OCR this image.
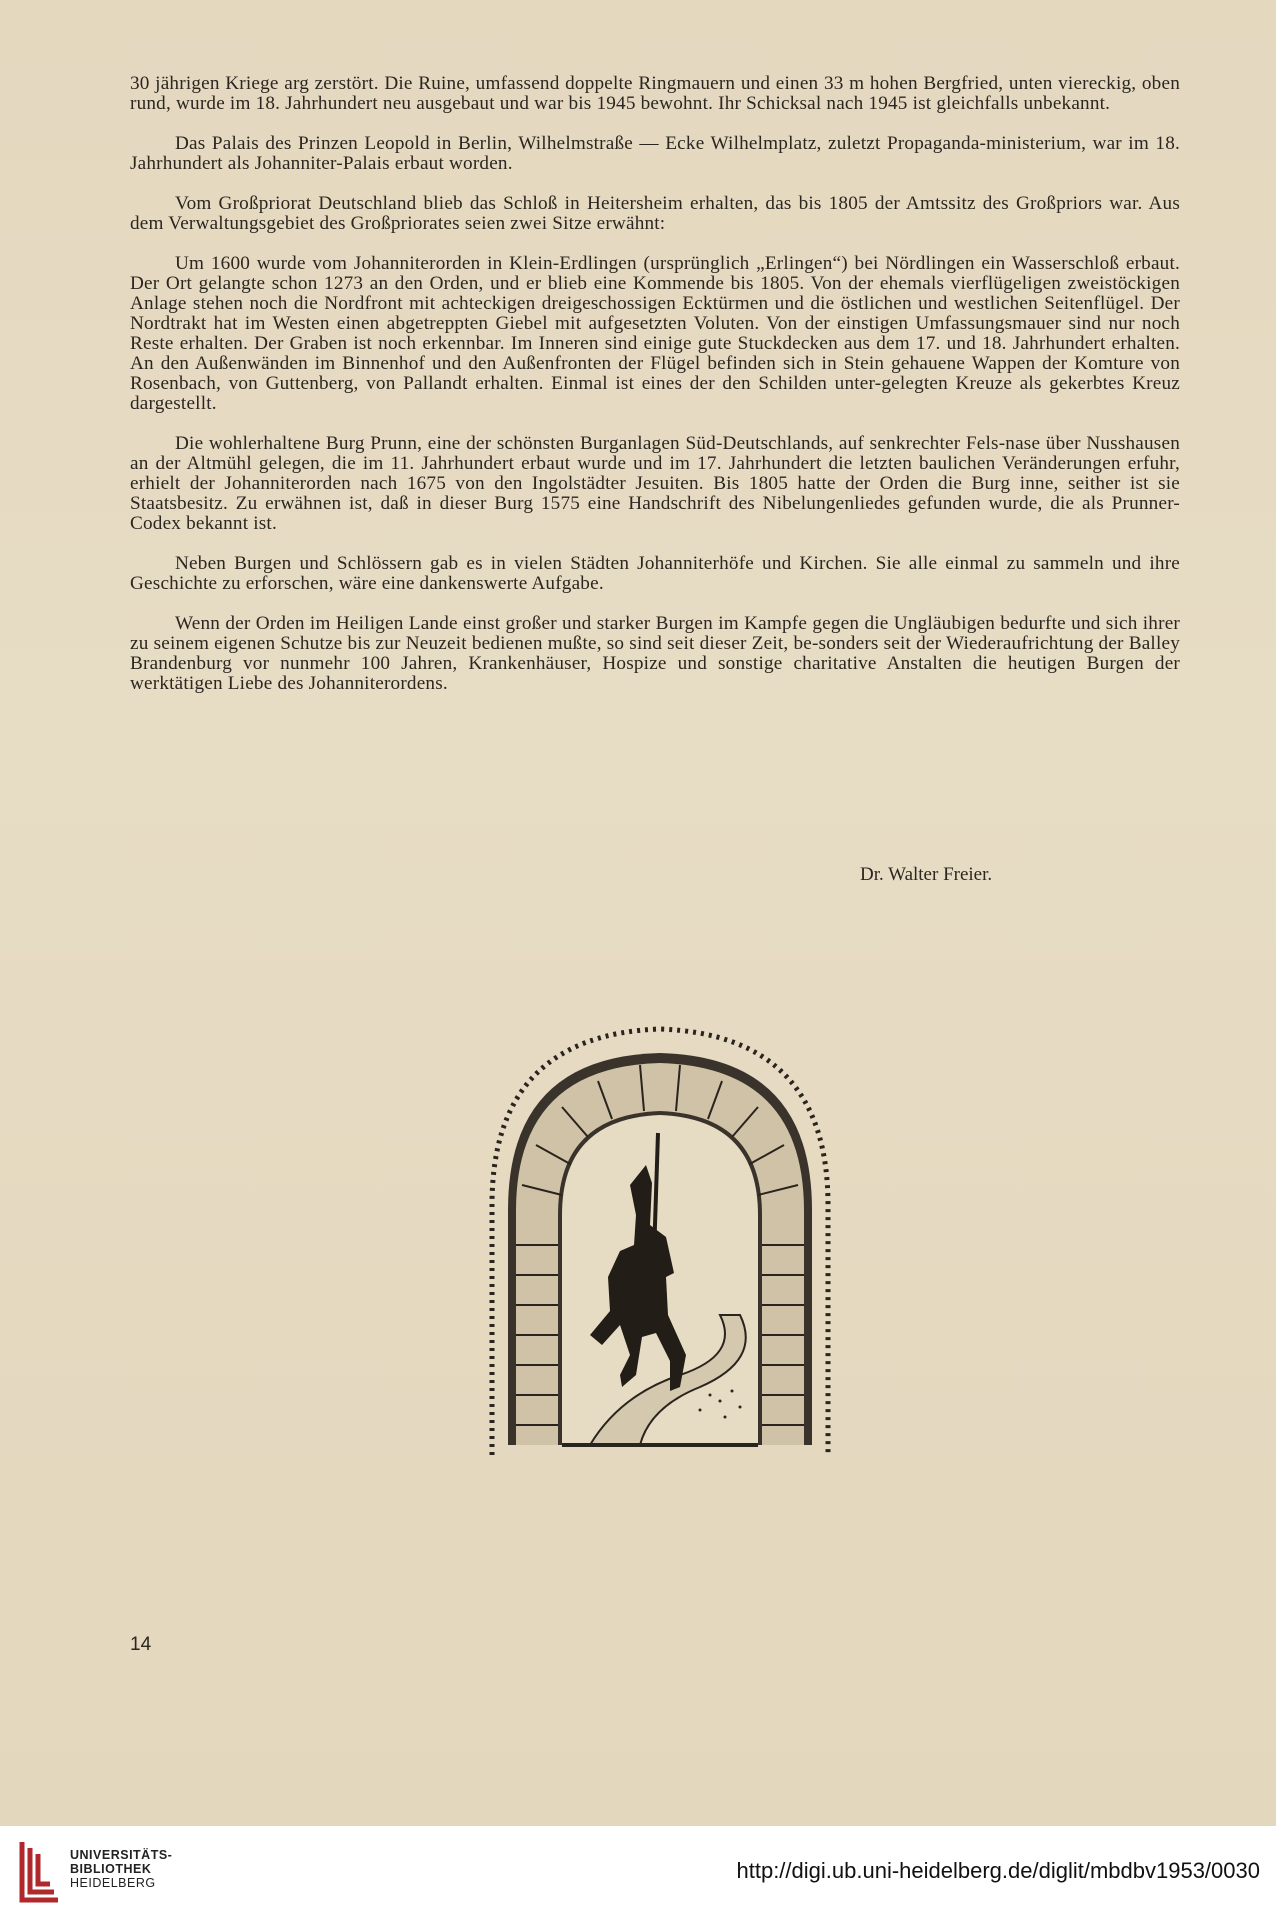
30 jährigen Kriege arg zerstört. Die Ruine, umfassend doppelte Ringmauern und einen 33 m hohen Bergfried, unten viereckig, oben rund, wurde im 18. Jahrhundert neu ausgebaut und war bis 1945 bewohnt. Ihr Schicksal nach 1945 ist gleichfalls unbekannt.

Das Palais des Prinzen Leopold in Berlin, Wilhelmstraße — Ecke Wilhelmplatz, zuletzt Propaganda-ministerium, war im 18. Jahrhundert als Johanniter-Palais erbaut worden.

Vom Großpriorat Deutschland blieb das Schloß in Heitersheim erhalten, das bis 1805 der Amtssitz des Großpriors war. Aus dem Verwaltungsgebiet des Großpriorates seien zwei Sitze erwähnt:

Um 1600 wurde vom Johanniterorden in Klein-Erdlingen (ursprünglich „Erlingen“) bei Nördlingen ein Wasserschloß erbaut. Der Ort gelangte schon 1273 an den Orden, und er blieb eine Kommende bis 1805. Von der ehemals vierflügeligen zweistöckigen Anlage stehen noch die Nordfront mit achteckigen dreigeschossigen Ecktürmen und die östlichen und westlichen Seitenflügel. Der Nordtrakt hat im Westen einen abgetreppten Giebel mit aufgesetzten Voluten. Von der einstigen Umfassungsmauer sind nur noch Reste erhalten. Der Graben ist noch erkennbar. Im Inneren sind einige gute Stuckdecken aus dem 17. und 18. Jahrhundert erhalten. An den Außenwänden im Binnenhof und den Außenfronten der Flügel befinden sich in Stein gehauene Wappen der Komture von Rosenbach, von Guttenberg, von Pallandt erhalten. Einmal ist eines der den Schilden unter-gelegten Kreuze als gekerbtes Kreuz dargestellt.

Die wohlerhaltene Burg Prunn, eine der schönsten Burganlagen Süd-Deutschlands, auf senkrechter Fels-nase über Nusshausen an der Altmühl gelegen, die im 11. Jahrhundert erbaut wurde und im 17. Jahrhundert die letzten baulichen Veränderungen erfuhr, erhielt der Johanniterorden nach 1675 von den Ingolstädter Jesuiten. Bis 1805 hatte der Orden die Burg inne, seither ist sie Staatsbesitz. Zu erwähnen ist, daß in dieser Burg 1575 eine Handschrift des Nibelungenliedes gefunden wurde, die als Prunner-Codex bekannt ist.

Neben Burgen und Schlössern gab es in vielen Städten Johanniterhöfe und Kirchen. Sie alle einmal zu sammeln und ihre Geschichte zu erforschen, wäre eine dankenswerte Aufgabe.

Wenn der Orden im Heiligen Lande einst großer und starker Burgen im Kampfe gegen die Ungläubigen bedurfte und sich ihrer zu seinem eigenen Schutze bis zur Neuzeit bedienen mußte, so sind seit dieser Zeit, be-sonders seit der Wiederaufrichtung der Balley Brandenburg vor nunmehr 100 Jahren, Krankenhäuser, Hospize und sonstige charitative Anstalten die heutigen Burgen der werktätigen Liebe des Johanniterordens.

Dr. Walter Freier.
14
UNIVERSITÄTS-
BIBLIOTHEK
HEIDELBERG	http://digi.ub.uni-heidelberg.de/diglit/mbdbv1953/0030
